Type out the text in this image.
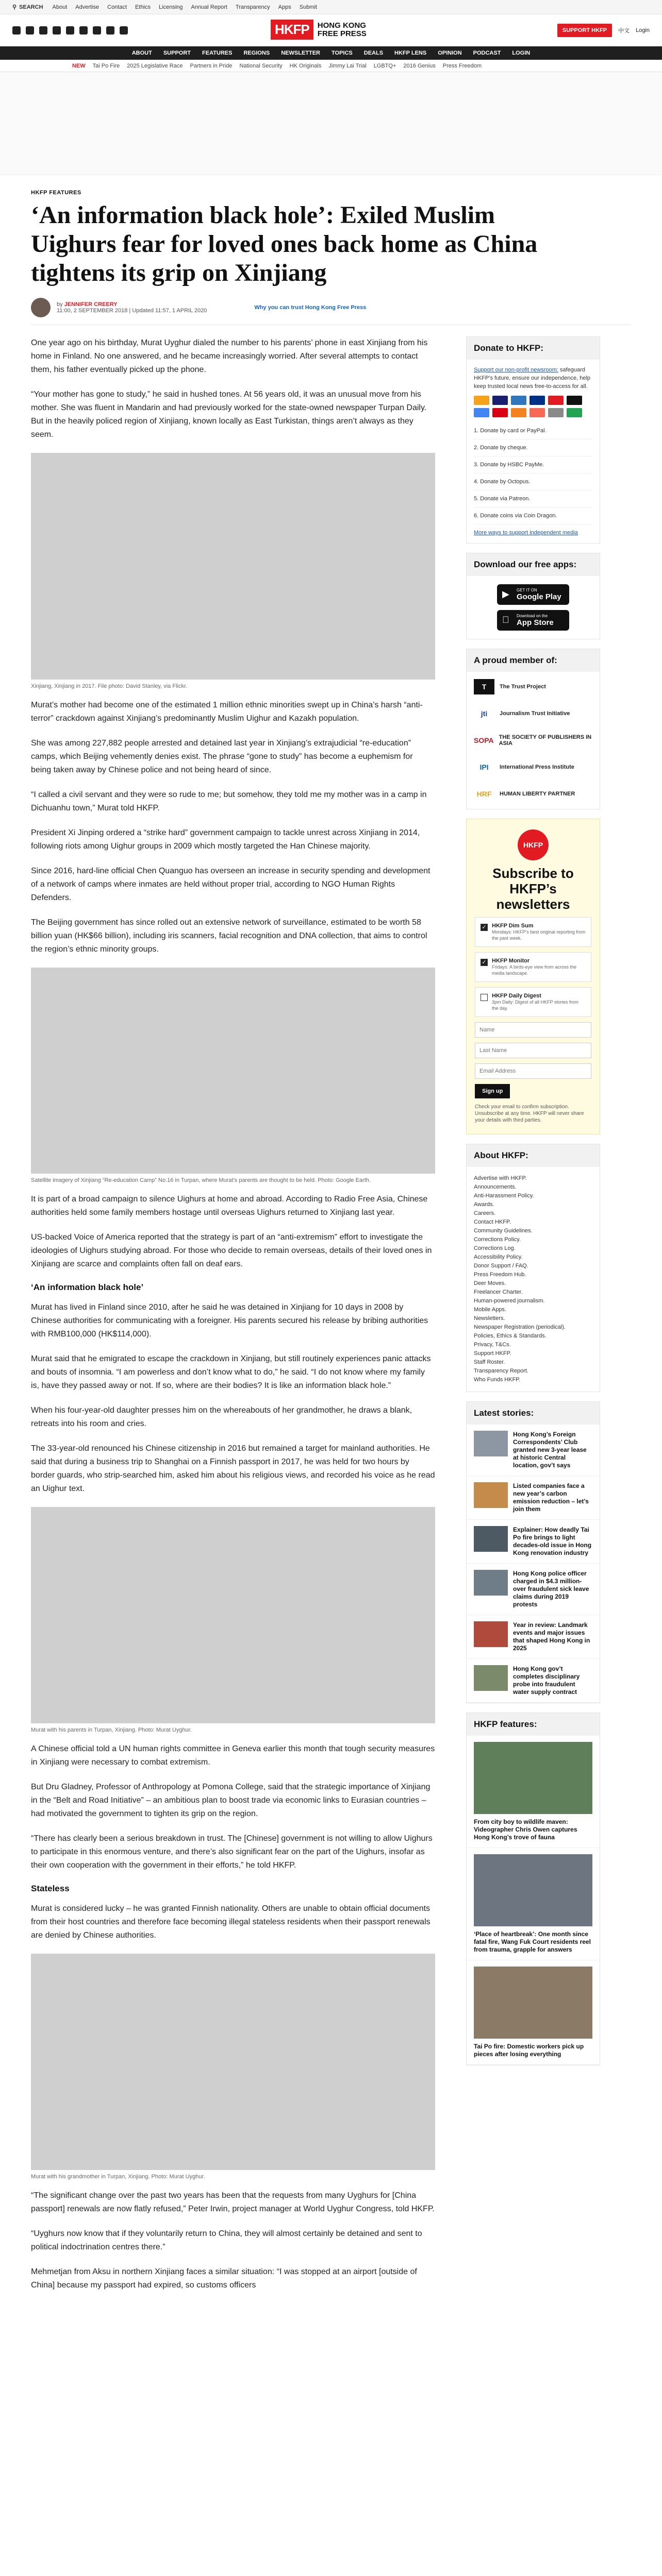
⚲ SEARCH About Advertise Contact Ethics Licensing Annual Report Transparency Apps Submit
HKFP	HONG KONG
FREE PRESS	SUPPORT HKFP	中文 Login
ABOUT SUPPORT FEATURES REGIONS NEWSLETTER TOPICS DEALS HKFP LENS OPINION PODCAST LOGIN
NEW Tai Po Fire 2025 Legislative Race Partners in Pride National Security HK Originals Jimmy Lai Trial LGBTQ+ 2016 Genius Press Freedom
HKFP FEATURES
‘An information black hole’: Exiled Muslim Uighurs fear for loved ones back home as China tightens its grip on Xinjiang
by JENNIFER CREERY
11:00, 2 SEPTEMBER 2018 | Updated 11:57, 1 APRIL 2020	Why you can trust Hong Kong Free Press

One year ago on his birthday, Murat Uyghur dialed the number to his parents’ phone in east Xinjiang from his home in Finland. No one answered, and he became increasingly worried. After several attempts to contact them, his father eventually picked up the phone.

“Your mother has gone to study,” he said in hushed tones. At 56 years old, it was an unusual move from his mother. She was fluent in Mandarin and had previously worked for the state-owned newspaper Turpan Daily. But in the heavily policed region of Xinjiang, known locally as East Turkistan, things aren’t always as they seem.

Xinjiang, Xinjiang in 2017. File photo: David Stanley, via Flickr.

Murat’s mother had become one of the estimated 1 million ethnic minorities swept up in China’s harsh “anti-terror” crackdown against Xinjiang’s predominantly Muslim Uighur and Kazakh population.

She was among 227,882 people arrested and detained last year in Xinjiang’s extrajudicial “re-education” camps, which Beijing vehemently denies exist. The phrase “gone to study” has become a euphemism for being taken away by Chinese police and not being heard of since.

“I called a civil servant and they were so rude to me; but somehow, they told me my mother was in a camp in Dichuanhu town,” Murat told HKFP.

President Xi Jinping ordered a “strike hard” government campaign to tackle unrest across Xinjiang in 2014, following riots among Uighur groups in 2009 which mostly targeted the Han Chinese majority.

Since 2016, hard-line official Chen Quanguo has overseen an increase in security spending and development of a network of camps where inmates are held without proper trial, according to NGO Human Rights Defenders.

The Beijing government has since rolled out an extensive network of surveillance, estimated to be worth 58 billion yuan (HK$66 billion), including iris scanners, facial recognition and DNA collection, that aims to control the region’s ethnic minority groups.

Satellite imagery of Xinjiang “Re-education Camp” No.16 in Turpan, where Murat’s parents are thought to be held. Photo: Google Earth.

It is part of a broad campaign to silence Uighurs at home and abroad. According to Radio Free Asia, Chinese authorities held some family members hostage until overseas Uighurs returned to Xinjiang last year.

US-backed Voice of America reported that the strategy is part of an “anti-extremism” effort to investigate the ideologies of Uighurs studying abroad. For those who decide to remain overseas, details of their loved ones in Xinjiang are scarce and complaints often fall on deaf ears.

‘An information black hole’

Murat has lived in Finland since 2010, after he said he was detained in Xinjiang for 10 days in 2008 by Chinese authorities for communicating with a foreigner. His parents secured his release by bribing authorities with RMB100,000 (HK$114,000).

Murat said that he emigrated to escape the crackdown in Xinjiang, but still routinely experiences panic attacks and bouts of insomnia. “I am powerless and don’t know what to do,” he said. “I do not know where my family is, have they passed away or not. If so, where are their bodies? It is like an information black hole.”

When his four-year-old daughter presses him on the whereabouts of her grandmother, he draws a blank, retreats into his room and cries.

The 33-year-old renounced his Chinese citizenship in 2016 but remained a target for mainland authorities. He said that during a business trip to Shanghai on a Finnish passport in 2017, he was held for two hours by border guards, who strip-searched him, asked him about his religious views, and recorded his voice as he read an Uighur text.

Murat with his parents in Turpan, Xinjiang. Photo: Murat Uyghur.

A Chinese official told a UN human rights committee in Geneva earlier this month that tough security measures in Xinjiang were necessary to combat extremism.

But Dru Gladney, Professor of Anthropology at Pomona College, said that the strategic importance of Xinjiang in the “Belt and Road Initiative” – an ambitious plan to boost trade via economic links to Eurasian countries – had motivated the government to tighten its grip on the region.

“There has clearly been a serious breakdown in trust. The [Chinese] government is not willing to allow Uighurs to participate in this enormous venture, and there’s also significant fear on the part of the Uighurs, insofar as their own cooperation with the government in their efforts,” he told HKFP.

Stateless

Murat is considered lucky – he was granted Finnish nationality. Others are unable to obtain official documents from their host countries and therefore face becoming illegal stateless residents when their passport renewals are denied by Chinese authorities.

Murat with his grandmother in Turpan, Xinjiang. Photo: Murat Uyghur.

“The significant change over the past two years has been that the requests from many Uyghurs for [China passport] renewals are now flatly refused,” Peter Irwin, project manager at World Uyghur Congress, told HKFP.

“Uyghurs now know that if they voluntarily return to China, they will almost certainly be detained and sent to political indoctrination centres there.”

Mehmetjan from Aksu in northern Xinjiang faces a similar situation: “I was stopped at an airport [outside of China] because my passport had expired, so customs officers

Donate to HKFP:
Support our non-profit newsroom: safeguard HKFP’s future, ensure our independence, help keep trusted local news free-to-access for all.
1. Donate by card or PayPal.
2. Donate by cheque.
3. Donate by HSBC PayMe.
4. Donate by Octopus.
5. Donate via Patreon.
6. Donate coins via Coin Dragon.
More ways to support independent media
Download our free apps:
▶ GET IT ON
Google Play
Download on the
App Store
A proud member of:
T	The Trust Project
jti	Journalism Trust Initiative
SOPA THE SOCIETY OF PUBLISHERS IN ASIA
IPI	International Press Institute
HRF	HUMAN LIBERTY PARTNER
HKFP
Subscribe to HKFP’s newsletters
✓ HKFP Dim Sum
Mondays: HKFP’s best original reporting from the past week.
✓ HKFP Monitor
Fridays: A birds-eye view from across the media landscape.
HKFP Daily Digest
3pm Daily: Digest of all HKFP stories from the day.
Name
Last Name
Email Address
Sign up
Check your email to confirm subscription. Unsubscribe at any time. HKFP will never share your details with third parties.
About HKFP:
Advertise with HKFP.
Announcements.
Anti-Harassment Policy.
Awards.
Careers.
Contact HKFP.
Community Guidelines.
Corrections Policy.
Corrections Log.
Accessibility Policy.
Donor Support / FAQ.
Press Freedom Hub.
Deer Moves.
Freelancer Charter.
Human-powered journalism.
Mobile Apps.
Newsletters.
Newspaper Registration (periodical).
Policies, Ethics & Standards.
Privacy, T&Cs.
Support HKFP.
Staff Roster.
Transparency Report.
Who Funds HKFP.
Latest stories:
Hong Kong’s Foreign Correspondents’ Club granted new 3-year lease at historic Central location, gov’t says
Listed companies face a new year’s carbon emission reduction – let’s join them
Explainer: How deadly Tai Po fire brings to light decades-old issue in Hong Kong renovation industry
Hong Kong police officer charged in $4.3 million-over fraudulent sick leave claims during 2019 protests
Year in review: Landmark events and major issues that shaped Hong Kong in 2025
Hong Kong gov’t completes disciplinary probe into fraudulent water supply contract
HKFP features:
From city boy to wildlife maven: Videographer Chris Owen captures Hong Kong’s trove of fauna
‘Place of heartbreak’: One month since fatal fire, Wang Fuk Court residents reel from trauma, grapple for answers
Tai Po fire: Domestic workers pick up pieces after losing everything
